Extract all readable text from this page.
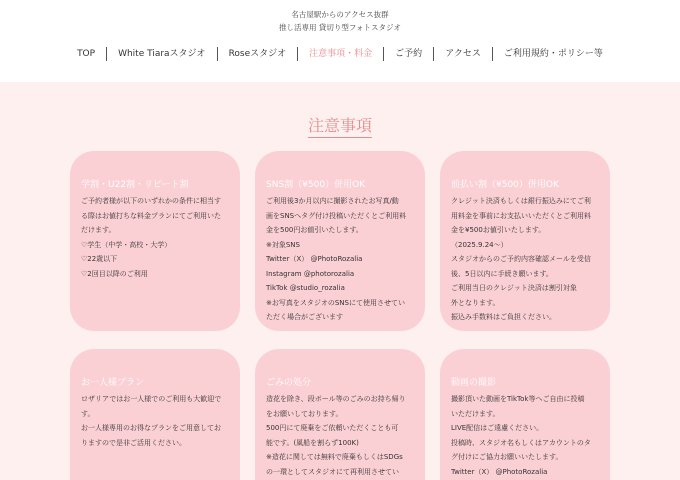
名古屋駅からのアクセス抜群
推し活専用 貸切り型フォトスタジオ
TOP	White Tiaraスタジオ	Roseスタジオ	注意事項・料金	ご予約	アクセス	ご利用規約・ポリシー等
注意事項
学割・U22割・リピート割
ご予約者様が以下のいずれかの条件に相当す
る際はお値打ちな料金プランにてご利用いた
だけます。
♡学生（中学・高校・大学）
♡22歳以下
♡2回目以降のご利用
SNS割（¥500）併用OK
ご利用後3か月以内に撮影されたお写真/動
画をSNSへタグ付け投稿いただくとご利用料
金を500円お値引いたします。
※対象SNS
Twitter（X） @PhotoRozalia
Instagram @photorozalia
TikTok @studio_rozalia
※お写真をスタジオのSNSにて使用させてい
ただく場合がございます
前払い割（¥500）併用OK
クレジット決済もしくは銀行振込みにてご利
用料金を事前にお支払いいただくとご利用料
金を¥500お値引いたします。
（2025.9.24〜）
スタジオからのご予約内容確認メールを受信
後、5日以内に手続き願います。
ご利用当日のクレジット決済は割引対象
外となります。
振込み手数料はご負担ください。
お一人様プラン
ロザリアではお一人様でのご利用も大歓迎で
す。
お一人様専用のお得なプランをご用意してお
りますので是非ご活用ください。
ごみの処分
造花を除き、段ボール等のごみのお持ち帰り
をお願いしております。
500円にて廃棄をご依頼いただくことも可
能です。(風船を割らず100K)
※造花に関しては無料で廃棄もしくはSDGs
の一環としてスタジオにて再利用させてい
動画の撮影
撮影頂いた動画をTikTok等へご自由に投稿
いただけます。
LIVE配信はご遠慮ください。
投稿時、スタジオ名もしくはアカウントのタ
グ付けにご協力お願いいたします。
Twitter（X） @PhotoRozalia
